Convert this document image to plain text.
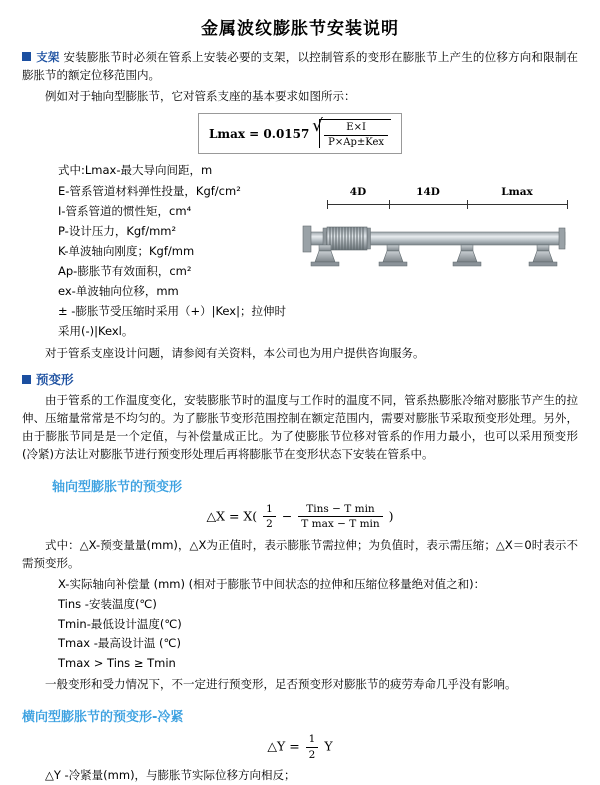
金属波纹膨胀节安装说明
支架 安装膨胀节时必须在管系上安装必要的支架，以控制管系的变形在膨胀节上产生的位移方向和限制在膨胀节的额定位移范围内。

例如对于轴向型膨胀节，它对管系支座的基本要求如图所示：

Lmax = 0.0157 √ $\frac{E\times I}{\text{P×Ap±Kex}}$

式中:Lmax-最大导向间距，m

E-管系管道材料弹性投量，Kgf/cm²

I-管系管道的惯性矩，cm⁴

P-设计压力，Kgf/mm²

K-单波轴向刚度；Kgf/mm

Ap-膨胀节有效面积，cm²

ex-单波轴向位移，mm

± -膨胀节受压缩时采用（+）|Kex|；拉伸时采用(-)|Kexl。

4D	14D	Lmax

对于管系支座设计问题，请参阅有关资料，本公司也为用户提供咨询服务。

预变形

由于管系的工作温度变化，安装膨胀节时的温度与工作时的温度不同，管系热膨胀冷缩对膨胀节产生的拉伸、压缩量常常是不均匀的。为了膨胀节变形范围控制在额定范围内，需要对膨胀节采取预变形处理。另外，由于膨胀节同是是一个定值，与补偿量成正比。为了使膨胀节位移对管系的作用力最小，也可以采用预变形(冷紧)方法让对膨胀节进行预变形处理后再将膨胀节在变形状态下安装在管系中。

轴向型膨胀节的预变形
△X = $X( \frac{1}{2} - \frac{\text{Tins − T min}}{\text{T max − T min}}$ )

式中：△X-预变量量(mm)，△X为正值时，表示膨胀节需拉伸；为负值时，表示需压缩；△X＝0时表示不需预变形。

X-实际轴向补偿量 (mm) (相对于膨胀节中间状态的拉伸和压缩位移量绝对值之和)：

Tins -安装温度(℃)

Tmin-最低设计温度(℃)

Tmax -最高设计温 (℃)

Tmax > Tins ≥ Tmin

一般变形和受力情况下，不一定进行预变形，足否预变形对膨胀节的疲劳寿命几乎没有影响。

横向型膨胀节的预变形-冷紧
△Y = $\frac{1}{2}$ Y

△Y -冷紧量(mm)，与膨胀节实际位移方向相反；
